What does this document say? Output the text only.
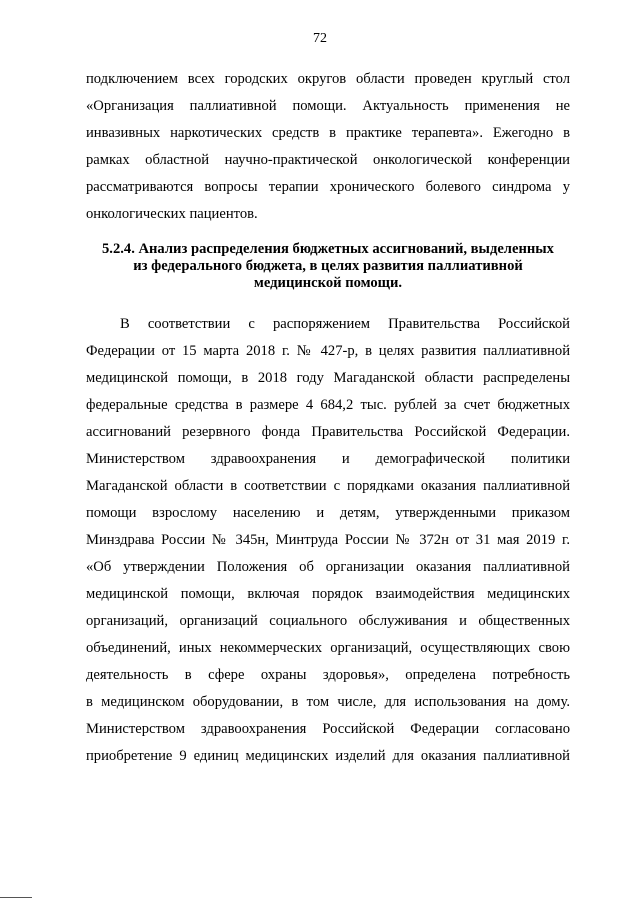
72
подключением всех городских округов области проведен круглый стол
«Организация паллиативной помощи. Актуальность применения не
инвазивных наркотических средств в практике терапевта». Ежегодно в
рамках областной научно-практической онкологической конференции
рассматриваются вопросы терапии хронического болевого синдрома у
онкологических пациентов.
5.2.4. Анализ распределения бюджетных ассигнований, выделенных
из федерального бюджета, в целях развития паллиативной
медицинской помощи.
В соответствии с распоряжением Правительства Российской
Федерации от 15 марта 2018 г. № 427-р, в целях развития паллиативной
медицинской помощи, в 2018 году Магаданской области распределены
федеральные средства в размере 4 684,2 тыс. рублей за счет бюджетных
ассигнований резервного фонда Правительства Российской Федерации.
Министерством здравоохранения и демографической политики
Магаданской области в соответствии с порядками оказания паллиативной
помощи взрослому населению и детям, утвержденными приказом
Минздрава России № 345н, Минтруда России № 372н от 31 мая 2019 г.
«Об утверждении Положения об организации оказания паллиативной
медицинской помощи, включая порядок взаимодействия медицинских
организаций, организаций социального обслуживания и общественных
объединений, иных некоммерческих организаций, осуществляющих свою
деятельность в сфере охраны здоровья», определена потребность
в медицинском оборудовании, в том числе, для использования на дому.
Министерством здравоохранения Российской Федерации согласовано
приобретение 9 единиц медицинских изделий для оказания паллиативной
